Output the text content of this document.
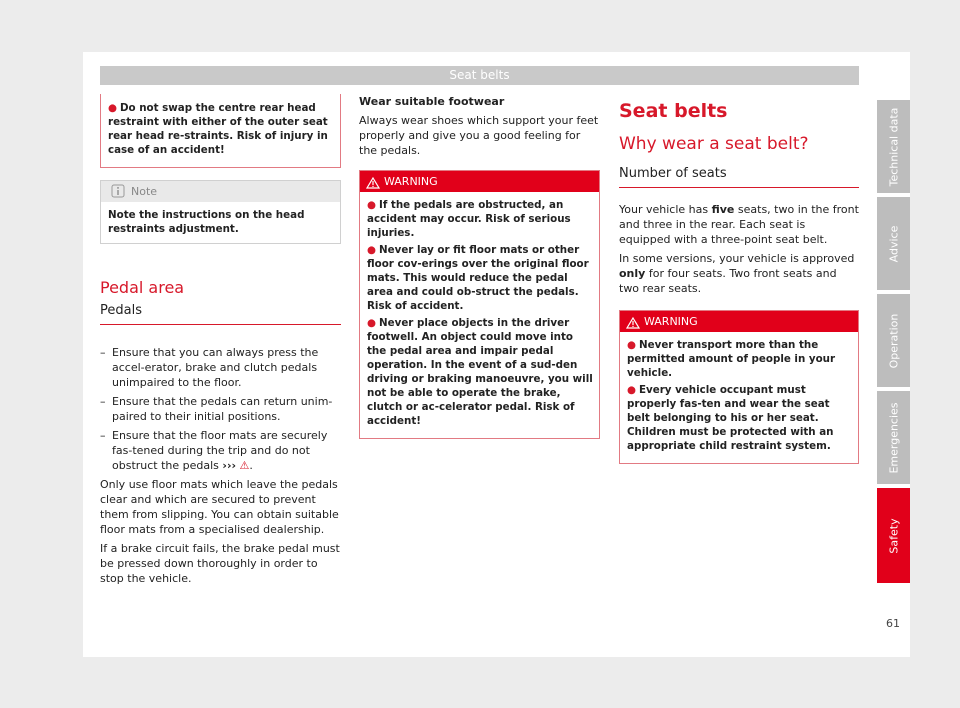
Seat belts
● Do not swap the centre rear head restraint with either of the outer seat rear head re-straints. Risk of injury in case of an accident!
Note
Note the instructions on the head restraints adjustment.
Pedal area
Pedals
– Ensure that you can always press the accel-erator, brake and clutch pedals unimpaired to the floor.
– Ensure that the pedals can return unim-paired to their initial positions.
– Ensure that the floor mats are securely fas-tened during the trip and do not obstruct the pedals ››› ⚠.

Only use floor mats which leave the pedals clear and which are secured to prevent them from slipping. You can obtain suitable floor mats from a specialised dealership.

If a brake circuit fails, the brake pedal must be pressed down thoroughly in order to stop the vehicle.

Wear suitable footwear

Always wear shoes which support your feet properly and give you a good feeling for the pedals.

WARNING
● If the pedals are obstructed, an accident may occur. Risk of serious injuries.
● Never lay or fit floor mats or other floor cov-erings over the original floor mats. This would reduce the pedal area and could ob-struct the pedals. Risk of accident.
● Never place objects in the driver footwell. An object could move into the pedal area and impair pedal operation. In the event of a sud-den driving or braking manoeuvre, you will not be able to operate the brake, clutch or ac-celerator pedal. Risk of accident!
Seat belts
Why wear a seat belt?
Number of seats

Your vehicle has five seats, two in the front and three in the rear. Each seat is equipped with a three-point seat belt.

In some versions, your vehicle is approved only for four seats. Two front seats and two rear seats.

WARNING
● Never transport more than the permitted amount of people in your vehicle.
● Every vehicle occupant must properly fas-ten and wear the seat belt belonging to his or her seat. Children must be protected with an appropriate child restraint system.
Technical data
Advice
Operation
Emergencies
Safety
61
